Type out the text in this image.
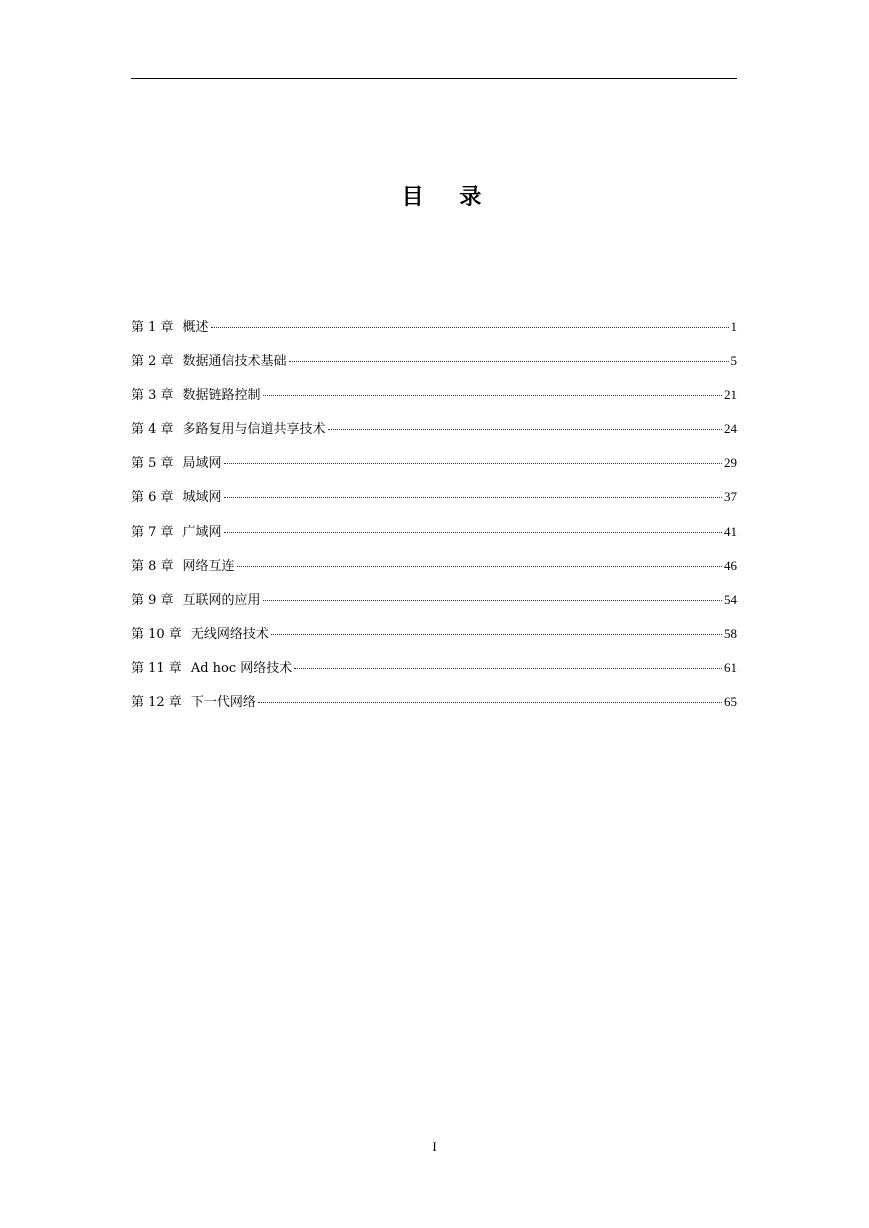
目 录
第 1 章 概述	1
第 2 章 数据通信技术基础	5
第 3 章 数据链路控制	21
第 4 章 多路复用与信道共享技术	24
第 5 章 局域网	29
第 6 章 城域网	37
第 7 章 广域网	41
第 8 章 网络互连	46
第 9 章 互联网的应用	54
第 10 章 无线网络技术	58
第 11 章 Ad hoc 网络技术	61
第 12 章 下一代网络	65
I
